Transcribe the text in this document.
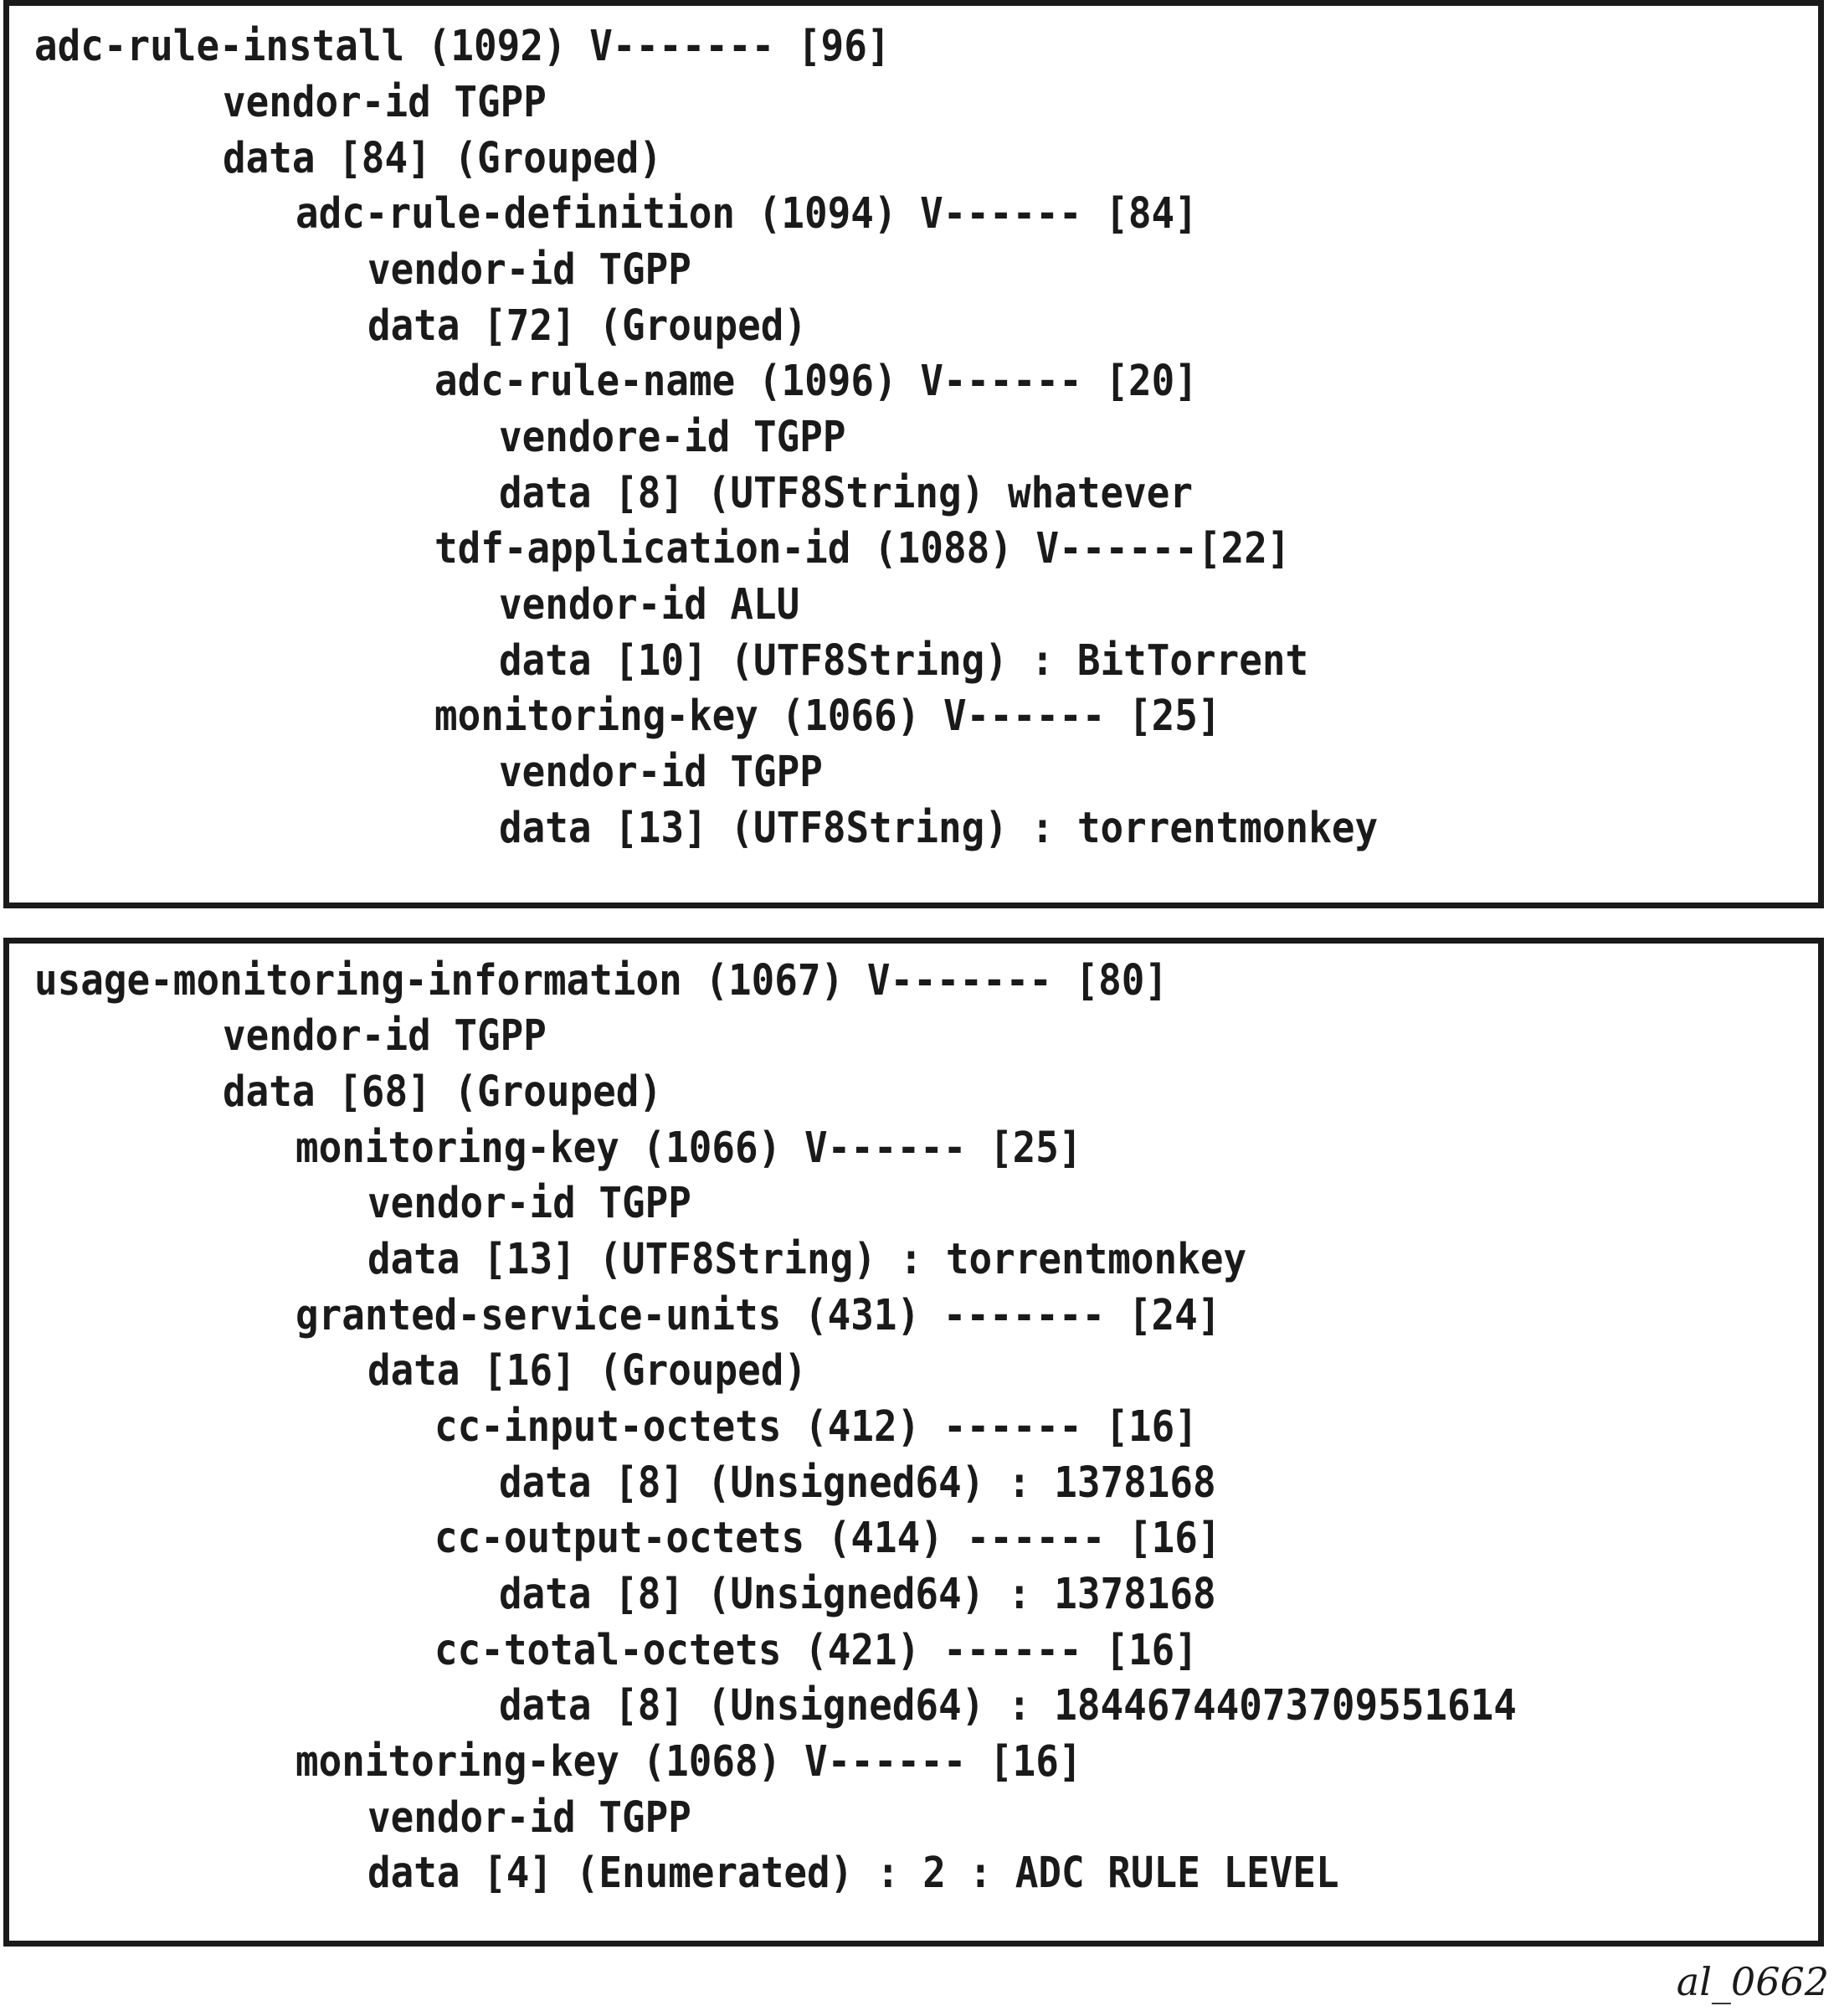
adc-rule-install (1092) V------- [96]
vendor-id TGPP
data [84] (Grouped)
adc-rule-definition (1094) V------ [84]
vendor-id TGPP
data [72] (Grouped)
adc-rule-name (1096) V------ [20]
vendore-id TGPP
data [8] (UTF8String) whatever
tdf-application-id (1088) V------[22]
vendor-id ALU
data [10] (UTF8String) : BitTorrent
monitoring-key (1066) V------ [25]
vendor-id TGPP
data [13] (UTF8String) : torrentmonkey
usage-monitoring-information (1067) V------- [80]
vendor-id TGPP
data [68] (Grouped)
monitoring-key (1066) V------ [25]
vendor-id TGPP
data [13] (UTF8String) : torrentmonkey
granted-service-units (431) ------- [24]
data [16] (Grouped)
cc-input-octets (412) ------ [16]
data [8] (Unsigned64) : 1378168
cc-output-octets (414) ------ [16]
data [8] (Unsigned64) : 1378168
cc-total-octets (421) ------ [16]
data [8] (Unsigned64) : 18446744073709551614
monitoring-key (1068) V------ [16]
vendor-id TGPP
data [4] (Enumerated) : 2 : ADC RULE LEVEL
al_0662
